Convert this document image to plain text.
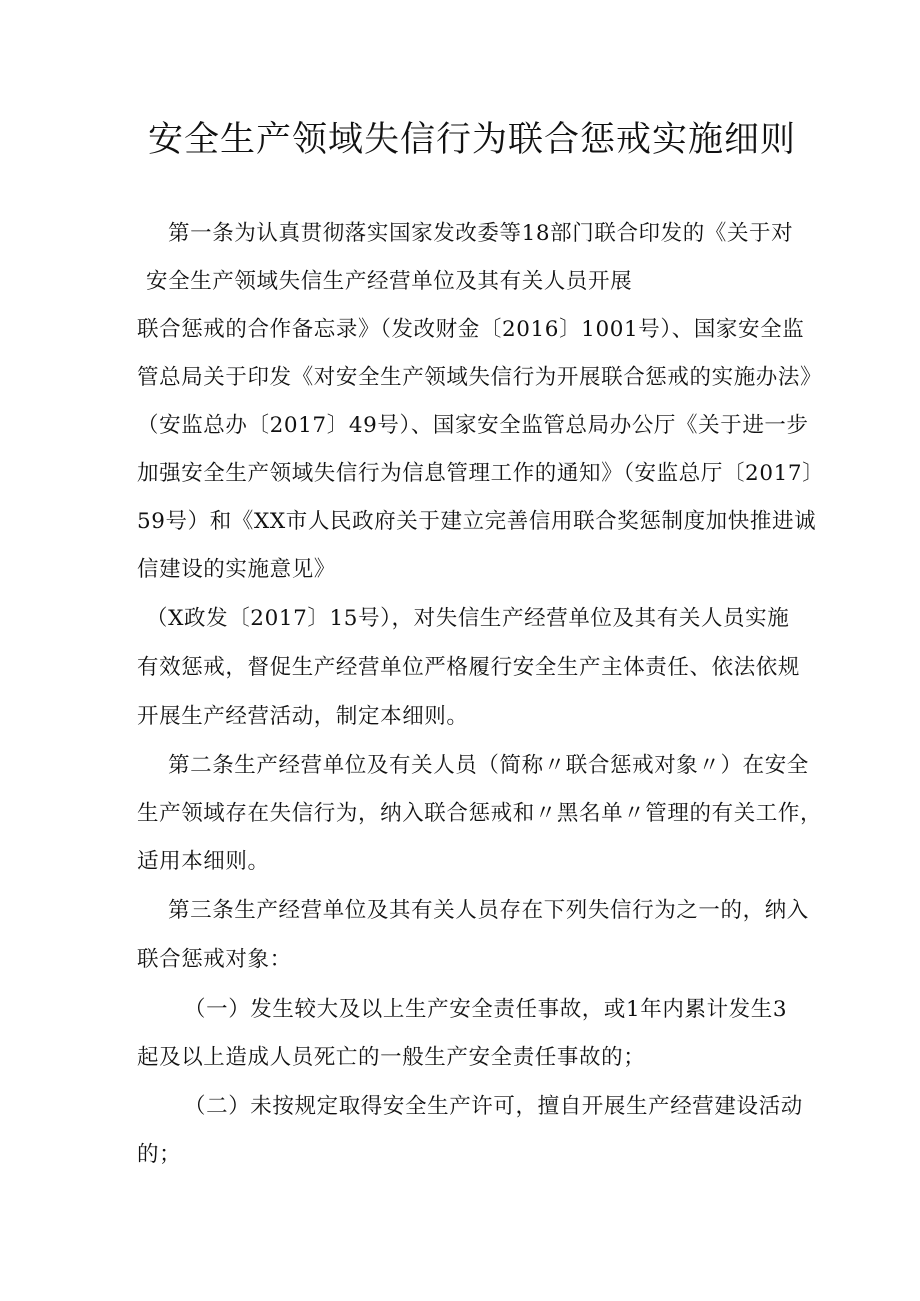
安全生产领域失信行为联合惩戒实施细则
第一条为认真贯彻落实国家发改委等18部门联合印发的《关于对
安全生产领域失信生产经营单位及其有关人员开展
联合惩戒的合作备忘录》（发改财金〔2016〕1001号）、国家安全监
管总局关于印发《对安全生产领域失信行为开展联合惩戒的实施办法》
（安监总办〔2017〕49号）、国家安全监管总局办公厅《关于进一步
加强安全生产领域失信行为信息管理工作的通知》（安监总厅〔2017〕
59号）和《XX市人民政府关于建立完善信用联合奖惩制度加快推进诚
信建设的实施意见》
（X政发〔2017〕15号），对失信生产经营单位及其有关人员实施
有效惩戒，督促生产经营单位严格履行安全生产主体责任、依法依规
开展生产经营活动，制定本细则。
第二条生产经营单位及有关人员（简称〃联合惩戒对象〃）在安全
生产领域存在失信行为，纳入联合惩戒和〃黑名单〃管理的有关工作，
适用本细则。
第三条生产经营单位及其有关人员存在下列失信行为之一的，纳入
联合惩戒对象：
（一）发生较大及以上生产安全责任事故，或1年内累计发生3
起及以上造成人员死亡的一般生产安全责任事故的；
（二）未按规定取得安全生产许可，擅自开展生产经营建设活动
的；
